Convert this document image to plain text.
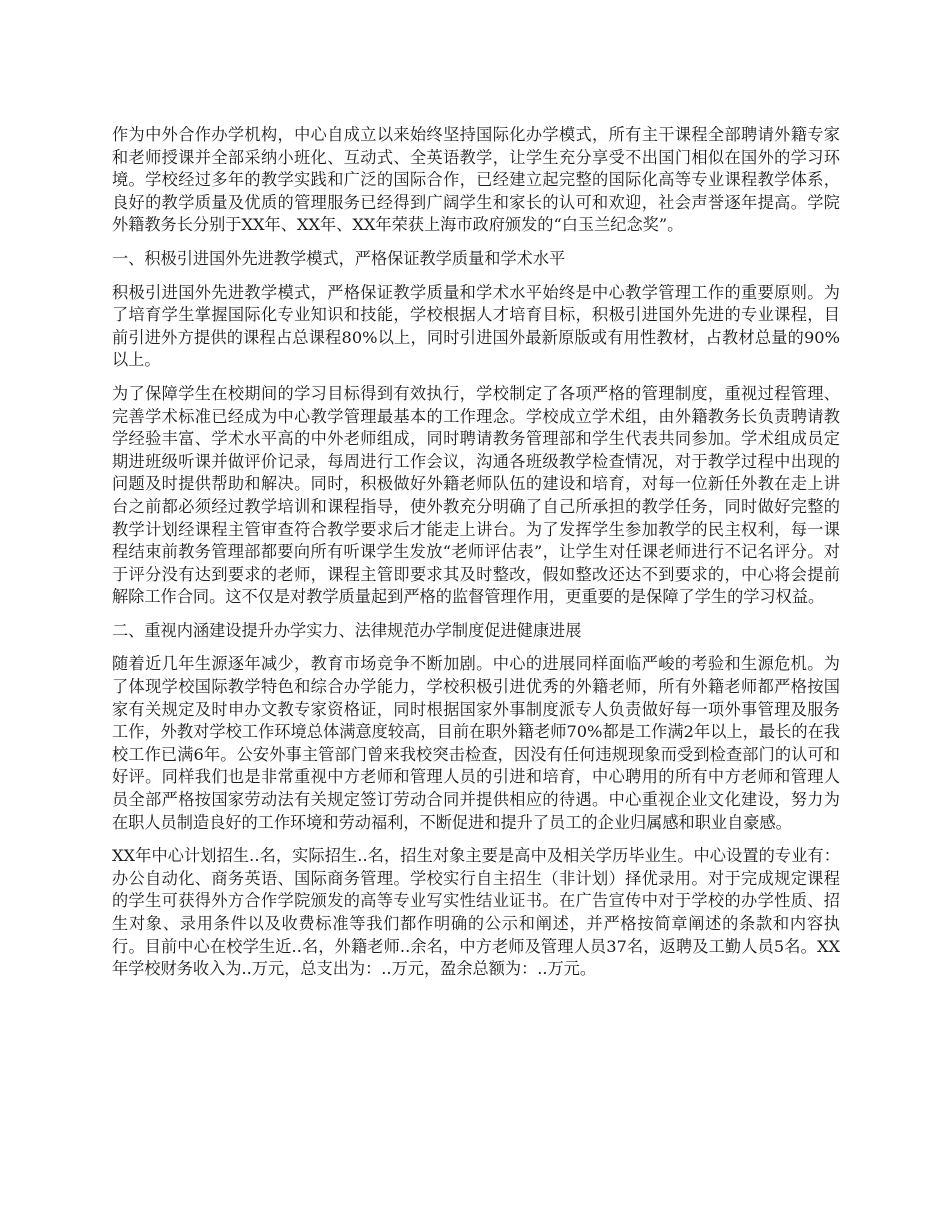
作为中外合作办学机构，中心自成立以来始终坚持国际化办学模式，所有主干课程全部聘请外籍专家和老师授课并全部采纳小班化、互动式、全英语教学，让学生充分享受不出国门相似在国外的学习环境。学校经过多年的教学实践和广泛的国际合作，已经建立起完整的国际化高等专业课程教学体系，良好的教学质量及优质的管理服务已经得到广阔学生和家长的认可和欢迎，社会声誉逐年提高。学院外籍教务长分别于XX年、XX年、XX年荣获上海市政府颁发的“白玉兰纪念奖”。

一、积极引进国外先进教学模式，严格保证教学质量和学术水平

积极引进国外先进教学模式，严格保证教学质量和学术水平始终是中心教学管理工作的重要原则。为了培育学生掌握国际化专业知识和技能，学校根据人才培育目标，积极引进国外先进的专业课程，目前引进外方提供的课程占总课程80%以上，同时引进国外最新原版或有用性教材，占教材总量的90%以上。

为了保障学生在校期间的学习目标得到有效执行，学校制定了各项严格的管理制度，重视过程管理、完善学术标准已经成为中心教学管理最基本的工作理念。学校成立学术组，由外籍教务长负责聘请教学经验丰富、学术水平高的中外老师组成，同时聘请教务管理部和学生代表共同参加。学术组成员定期进班级听课并做评价记录，每周进行工作会议，沟通各班级教学检查情况，对于教学过程中出现的问题及时提供帮助和解决。同时，积极做好外籍老师队伍的建设和培育，对每一位新任外教在走上讲台之前都必须经过教学培训和课程指导，使外教充分明确了自己所承担的教学任务，同时做好完整的教学计划经课程主管审查符合教学要求后才能走上讲台。为了发挥学生参加教学的民主权利，每一课程结束前教务管理部都要向所有听课学生发放“老师评估表”，让学生对任课老师进行不记名评分。对于评分没有达到要求的老师，课程主管即要求其及时整改，假如整改还达不到要求的，中心将会提前解除工作合同。这不仅是对教学质量起到严格的监督管理作用，更重要的是保障了学生的学习权益。

二、重视内涵建设提升办学实力、法律规范办学制度促进健康进展

随着近几年生源逐年减少，教育市场竞争不断加剧。中心的进展同样面临严峻的考验和生源危机。为了体现学校国际教学特色和综合办学能力，学校积极引进优秀的外籍老师，所有外籍老师都严格按国家有关规定及时申办文教专家资格证，同时根据国家外事制度派专人负责做好每一项外事管理及服务工作，外教对学校工作环境总体满意度较高，目前在职外籍老师70%都是工作满2年以上，最长的在我校工作已满6年。公安外事主管部门曾来我校突击检查，因没有任何违规现象而受到检查部门的认可和好评。同样我们也是非常重视中方老师和管理人员的引进和培育，中心聘用的所有中方老师和管理人员全部严格按国家劳动法有关规定签订劳动合同并提供相应的待遇。中心重视企业文化建设，努力为在职人员制造良好的工作环境和劳动福利，不断促进和提升了员工的企业归属感和职业自豪感。

XX年中心计划招生..名，实际招生..名，招生对象主要是高中及相关学历毕业生。中心设置的专业有：办公自动化、商务英语、国际商务管理。学校实行自主招生（非计划）择优录用。对于完成规定课程的学生可获得外方合作学院颁发的高等专业写实性结业证书。在广告宣传中对于学校的办学性质、招生对象、录用条件以及收费标准等我们都作明确的公示和阐述，并严格按简章阐述的条款和内容执行。目前中心在校学生近..名，外籍老师..余名，中方老师及管理人员37名，返聘及工勤人员5名。XX年学校财务收入为..万元，总支出为：..万元，盈余总额为：..万元。
